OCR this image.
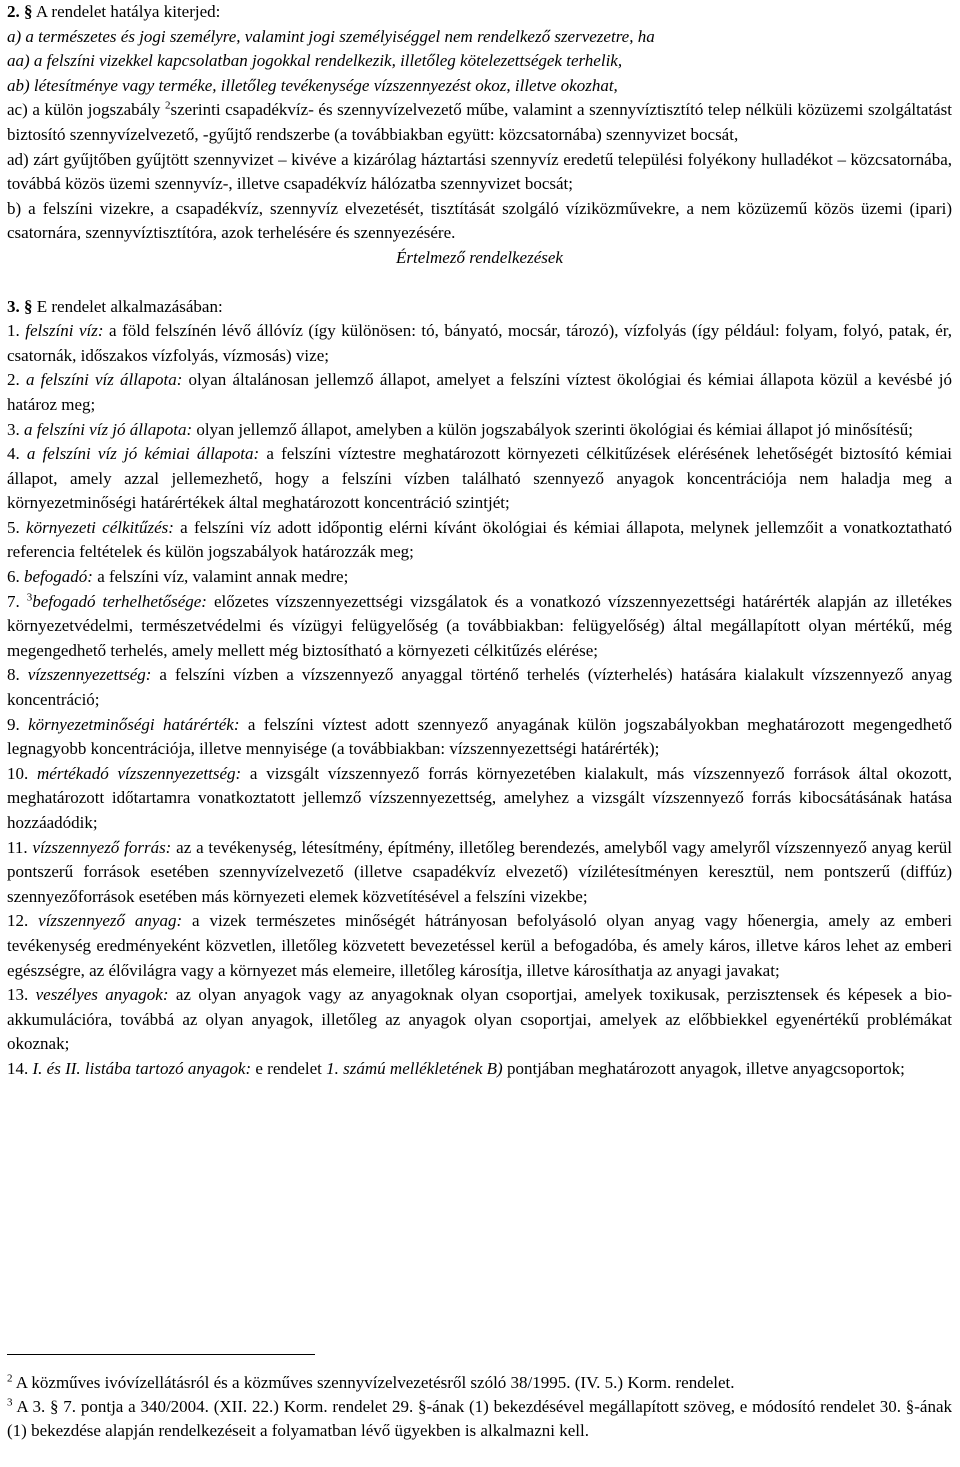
2. § A rendelet hatálya kiterjed:

a) a természetes és jogi személyre, valamint jogi személyiséggel nem rendelkező szervezetre, ha

aa) a felszíni vizekkel kapcsolatban jogokkal rendelkezik, illetőleg kötelezettségek terhelik,

ab) létesítménye vagy terméke, illetőleg tevékenysége vízszennyezést okoz, illetve okozhat,

ac) a külön jogszabály $^2$szerinti csapadékvíz- és szennyvízelvezető műbe, valamint a szennyvíztisztító telep nélküli közüzemi szolgáltatást biztosító szennyvízelvezető, -gyűjtő rendszerbe (a továbbiakban együtt: közcsatornába) szennyvizet bocsát,

ad) zárt gyűjtőben gyűjtött szennyvizet – kivéve a kizárólag háztartási szennyvíz eredetű települési folyékony hulladékot – közcsatornába, továbbá közös üzemi szennyvíz-, illetve csapadékvíz hálózatba szennyvizet bocsát;

b) a felszíni vizekre, a csapadékvíz, szennyvíz elvezetését, tisztítását szolgáló víziközművekre, a nem közüzemű közös üzemi (ipari) csatornára, szennyvíztisztítóra, azok terhelésére és szennyezésére.

Értelmező rendelkezések

3. § E rendelet alkalmazásában:

1. felszíni víz: a föld felszínén lévő állóvíz (így különösen: tó, bányató, mocsár, tározó), vízfolyás (így például: folyam, folyó, patak, ér, csatornák, időszakos vízfolyás, vízmosás) vize;

2. a felszíni víz állapota: olyan általánosan jellemző állapot, amelyet a felszíni víztest ökológiai és kémiai állapota közül a kevésbé jó határoz meg;

3. a felszíni víz jó állapota: olyan jellemző állapot, amelyben a külön jogszabályok szerinti ökológiai és kémiai állapot jó minősítésű;

4. a felszíni víz jó kémiai állapota: a felszíni víztestre meghatározott környezeti célkitűzések elérésének lehetőségét biztosító kémiai állapot, amely azzal jellemezhető, hogy a felszíni vízben található szennyező anyagok koncentrációja nem haladja meg a környezetminőségi határértékek által meghatározott koncentráció szintjét;

5. környezeti célkitűzés: a felszíni víz adott időpontig elérni kívánt ökológiai és kémiai állapota, melynek jellemzőit a vonatkoztatható referencia feltételek és külön jogszabályok határozzák meg;

6. befogadó: a felszíni víz, valamint annak medre;

7. $^3$befogadó terhelhetősége: előzetes vízszennyezettségi vizsgálatok és a vonatkozó vízszennyezettségi határérték alapján az illetékes környezetvédelmi, természetvédelmi és vízügyi felügyelőség (a továbbiakban: felügyelőség) által megállapított olyan mértékű, még megengedhető terhelés, amely mellett még biztosítható a környezeti célkitűzés elérése;

8. vízszennyezettség: a felszíni vízben a vízszennyező anyaggal történő terhelés (vízterhelés) hatására kialakult vízszennyező anyag koncentráció;

9. környezetminőségi határérték: a felszíni víztest adott szennyező anyagának külön jogszabályokban meghatározott megengedhető legnagyobb koncentrációja, illetve mennyisége (a továbbiakban: vízszennyezettségi határérték);

10. mértékadó vízszennyezettség: a vizsgált vízszennyező forrás környezetében kialakult, más vízszennyező források által okozott, meghatározott időtartamra vonatkoztatott jellemző vízszennyezettség, amelyhez a vizsgált vízszennyező forrás kibocsátásának hatása hozzáadódik;

11. vízszennyező forrás: az a tevékenység, létesítmény, építmény, illetőleg berendezés, amelyből vagy amelyről vízszennyező anyag kerül pontszerű források esetében szennyvízelvezető (illetve csapadékvíz elvezető) vízilétesítményen keresztül, nem pontszerű (diffúz) szennyezőforrások esetében más környezeti elemek közvetítésével a felszíni vizekbe;

12. vízszennyező anyag: a vizek természetes minőségét hátrányosan befolyásoló olyan anyag vagy hőenergia, amely az emberi tevékenység eredményeként közvetlen, illetőleg közvetett bevezetéssel kerül a befogadóba, és amely káros, illetve káros lehet az emberi egészségre, az élővilágra vagy a környezet más elemeire, illetőleg károsítja, illetve károsíthatja az anyagi javakat;

13. veszélyes anyagok: az olyan anyagok vagy az anyagoknak olyan csoportjai, amelyek toxikusak, perzisztensek és képesek a bio-akkumulációra, továbbá az olyan anyagok, illetőleg az anyagok olyan csoportjai, amelyek az előbbiekkel egyenértékű problémákat okoznak;

14. I. és II. listába tartozó anyagok: e rendelet 1. számú mellékletének B) pontjában meghatározott anyagok, illetve anyagcsoportok;

$^2$ A közműves ivóvízellátásról és a közműves szennyvízelvezetésről szóló 38/1995. (IV. 5.) Korm. rendelet.

$^3$ A 3. § 7. pontja a 340/2004. (XII. 22.) Korm. rendelet 29. §-ának (1) bekezdésével megállapított szöveg, e módosító rendelet 30. §-ának (1) bekezdése alapján rendelkezéseit a folyamatban lévő ügyekben is alkalmazni kell.
